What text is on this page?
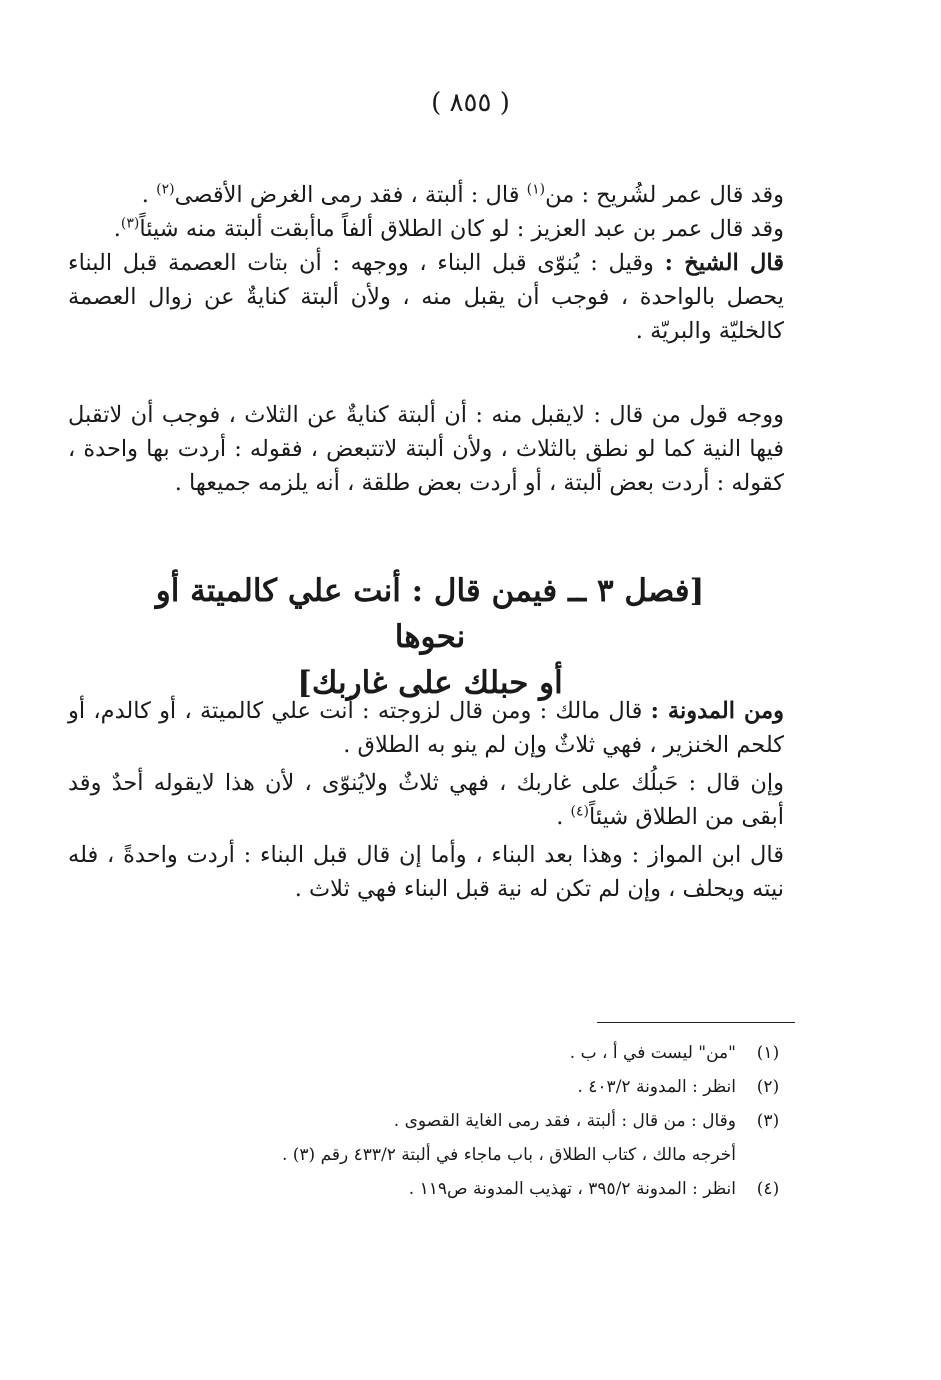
( ٨٥٥ )

وقد قال عمر لشُريح : من$^{(١)}$ قال : ألبتة ، فقد رمى الغرض الأقصى$^{(٢)}$ .

وقد قال عمر بن عبد العزيز : لو كان الطلاق ألفاً ماأبقت ألبتة منه شيئاً$^{(٣)}$.

قال الشيخ : وقيل : يُنوّى قبل البناء ، ووجهه : أن بتات العصمة قبل البناء يحصل بالواحدة ، فوجب أن يقبل منه ، ولأن ألبتة كنايةٌ عن زوال العصمة كالخليّة والبريّة .

ووجه قول من قال : لايقبل منه : أن ألبتة كنايةٌ عن الثلاث ، فوجب أن لاتقبل فيها النية كما لو نطق بالثلاث ، ولأن ألبتة لاتتبعض ، فقوله : أردت بها واحدة ، كقوله : أردت بعض ألبتة ، أو أردت بعض طلقة ، أنه يلزمه جميعها .

[فصل ٣ ــ فيمن قال : أنت علي كالميتة أو نحوها

أو حبلك على غاربك]

ومن المدونة : قال مالك : ومن قال لزوجته : أنت علي كالميتة ، أو كالدم، أو كلحم الخنزير ، فهي ثلاثٌ وإن لم ينو به الطلاق .

وإن قال : حَبلُك على غاربك ، فهي ثلاثٌ ولايُنوّى ، لأن هذا لايقوله أحدٌ وقد أبقى من الطلاق شيئاً$^{(٤)}$ .

قال ابن المواز : وهذا بعد البناء ، وأما إن قال قبل البناء : أردت واحدةً ، فله نيته ويحلف ، وإن لم تكن له نية قبل البناء فهي ثلاث .

(١)
"من" ليست في أ ، ب .
(٢)
انظر : المدونة ٤٠٣/٢ .
(٣)
وقال : من قال : ألبتة ، فقد رمى الغاية القصوى .
أخرجه مالك ، كتاب الطلاق ، باب ماجاء في ألبتة ٤٣٣/٢ رقم (٣) .
(٤)
انظر : المدونة ٣٩٥/٢ ، تهذيب المدونة ص١١٩ .
